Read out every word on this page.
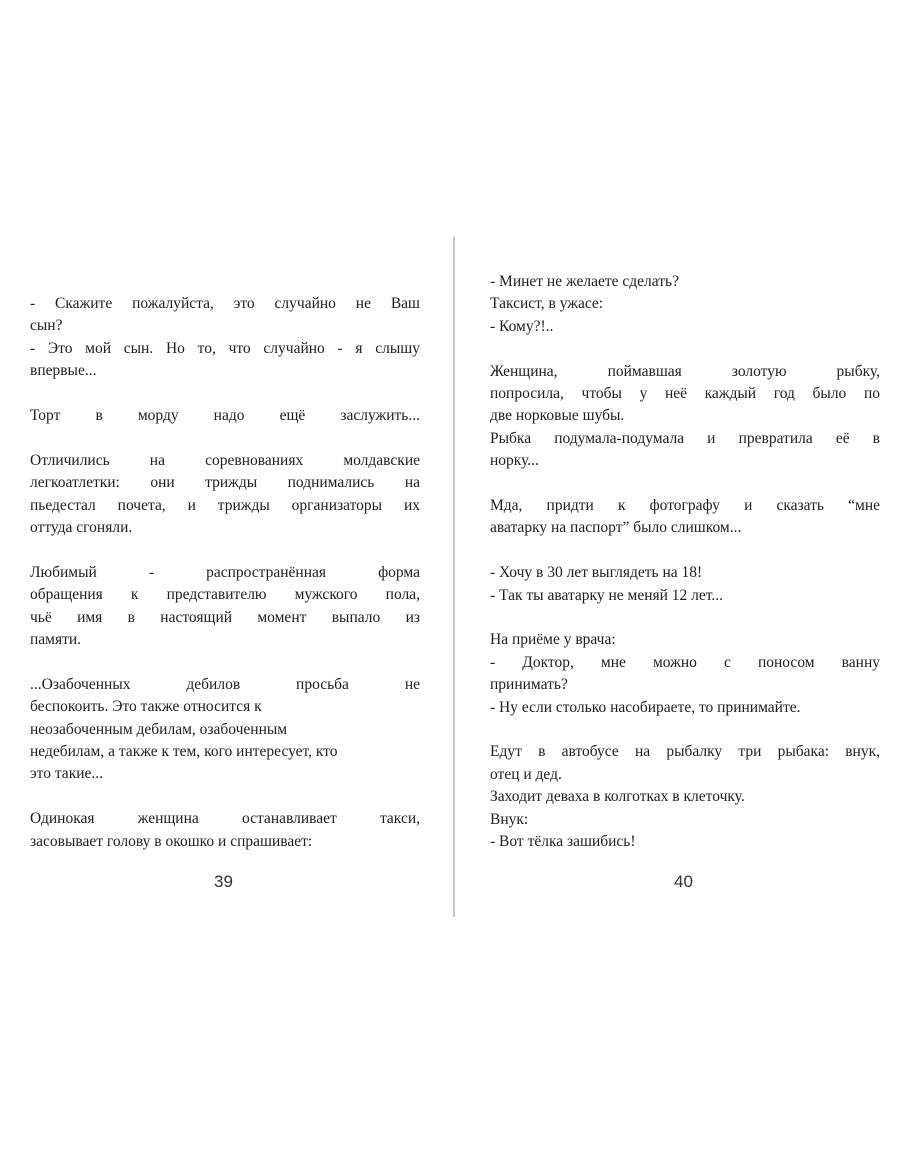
- Скажите пожалуйста, это случайно не Ваш
сын?
- Это мой сын. Но то, что случайно - я слышу
впервые...
Торт в морду надо ещё заслужить...
Отличились на соревнованиях молдавские
легкоатлетки: они трижды поднимались на
пьедестал почета, и трижды организаторы их
оттуда сгоняли.
Любимый - распространённая форма
обращения к представителю мужского пола,
чьё имя в настоящий момент выпало из
памяти.
...Озабоченных дебилов просьба не
беспокоить. Это также относится к
неозабоченным дебилам, озабоченным
недебилам, а также к тем, кого интересует, кто
это такие...
Одинокая женщина останавливает такси,
засовывает голову в окошко и спрашивает:
39
- Минет не желаете сделать?
Таксист, в ужасе:
- Кому?!..
Женщина, поймавшая золотую рыбку,
попросила, чтобы у неё каждый год было по
две норковые шубы.
Рыбка подумала-подумала и превратила её в
норку...
Мда, придти к фотографу и сказать “мне
аватарку на паспорт” было слишком...
- Хочу в 30 лет выглядеть на 18!
- Так ты аватарку не меняй 12 лет...
На приёме у врача:
- Доктор, мне можно с поносом ванну
принимать?
- Ну если столько насобираете, то принимайте.
Едут в автобусе на рыбалку три рыбака: внук,
отец и дед.
Заходит деваха в колготках в клеточку.
Внук:
- Вот тёлка зашибись!
40
